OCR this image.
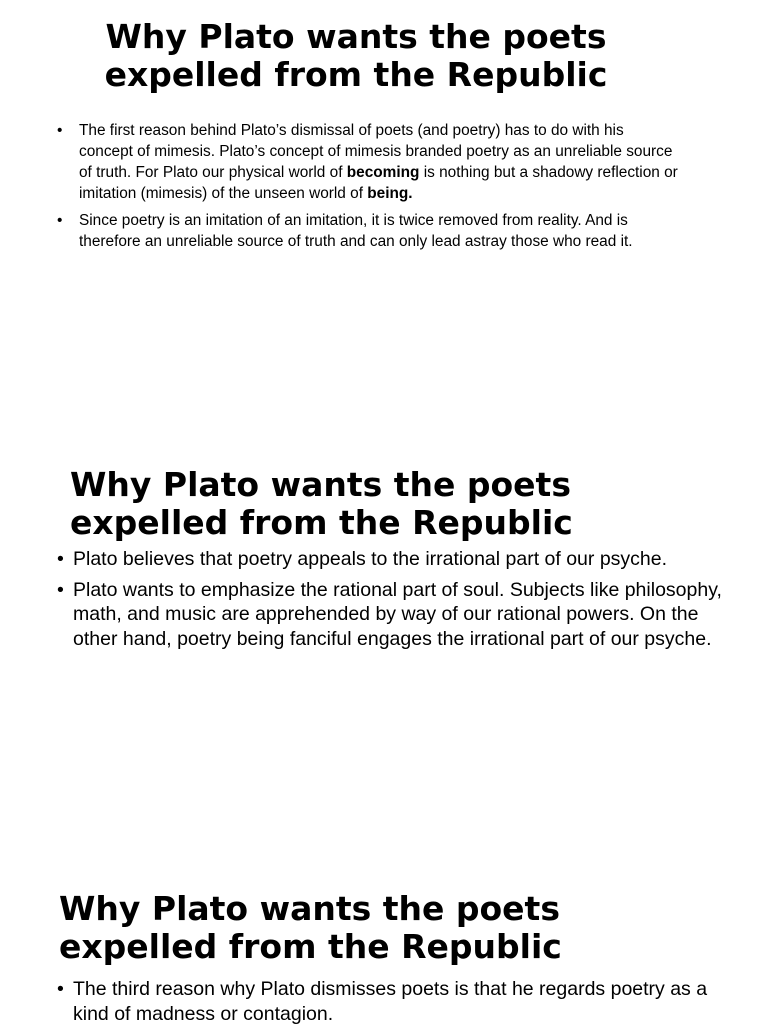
Why Plato wants the poets
expelled from the Republic
• The first reason behind Plato’s dismissal of poets (and poetry) has to do with his concept of mimesis. Plato’s concept of mimesis branded poetry as an unreliable source of truth. For Plato our physical world of becoming is nothing but a shadowy reflection or imitation (mimesis) of the unseen world of being.
• Since poetry is an imitation of an imitation, it is twice removed from reality. And is therefore an unreliable source of truth and can only lead astray those who read it.
Why Plato wants the poets
expelled from the Republic
• Plato believes that poetry appeals to the irrational part of our psyche.
• Plato wants to emphasize the rational part of soul. Subjects like philosophy, math, and music are apprehended by way of our rational powers. On the other hand, poetry being fanciful engages the irrational part of our psyche.
Why Plato wants the poets
expelled from the Republic
• The third reason why Plato dismisses poets is that he regards poetry as a kind of madness or contagion.
